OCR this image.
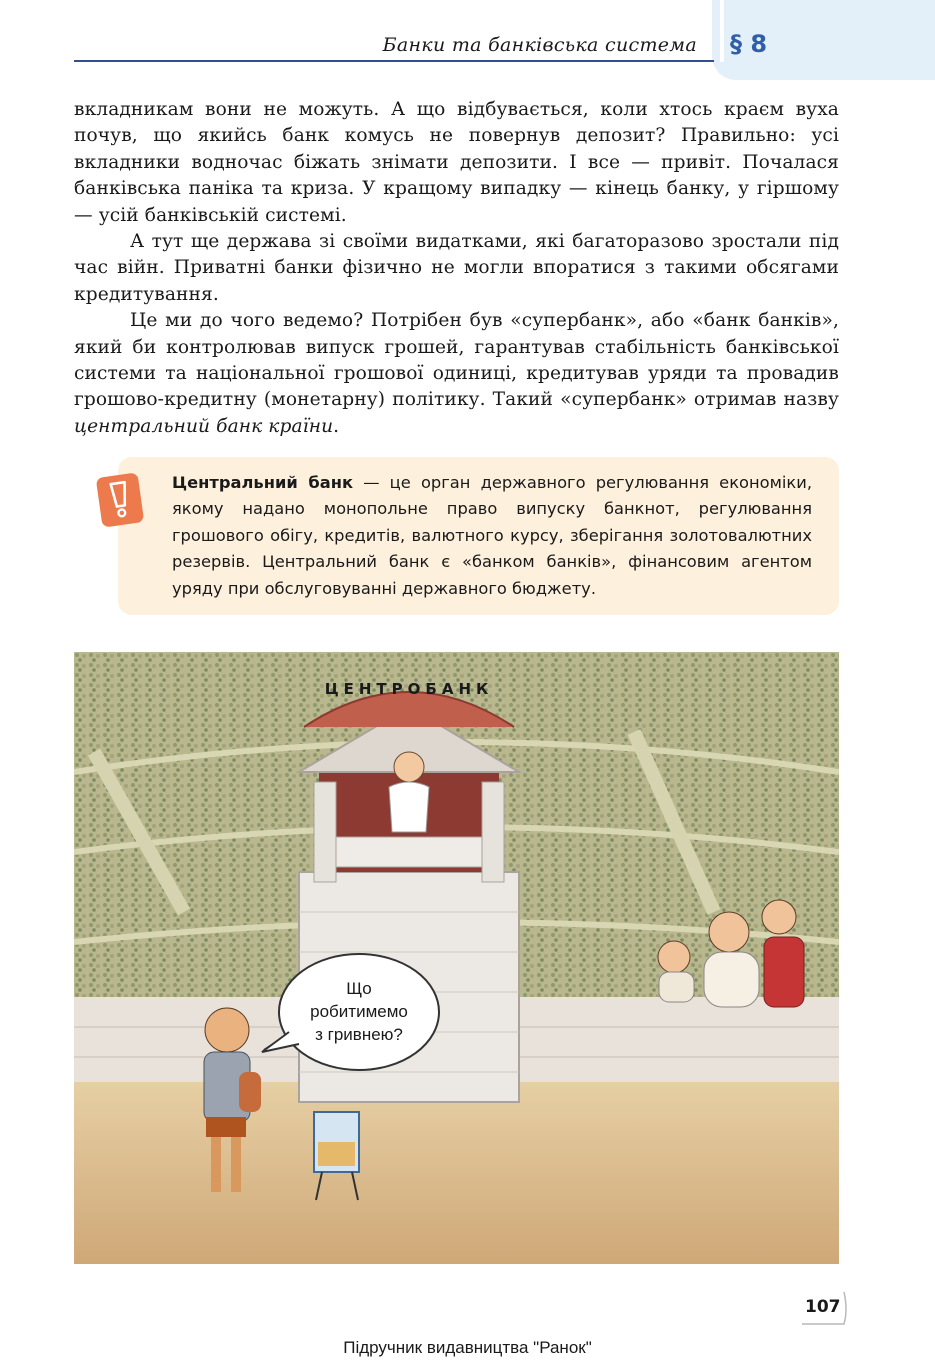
Банки та банківська система § 8

вкладникам вони не можуть. А що відбувається, коли хтось краєм вуха почув, що якийсь банк комусь не повернув депозит? Правильно: усі вкладники водночас біжать знімати депозити. І все — привіт. Почалася банківська паніка та криза. У кращому випадку — кінець банку, у гіршому — усій банківській системі.

А тут ще держава зі своїми видатками, які багаторазово зростали під час війн. Приватні банки фізично не могли впоратися з такими обсягами кредитування.

Це ми до чого ведемо? Потрібен був «супербанк», або «банк банків», який би контролював випуск грошей, гарантував стабільність банківської системи та національної грошової одиниці, кредитував уряди та провадив грошово-кредитну (монетарну) політику. Такий «супербанк» отримав назву центральний банк країни.

Центральний банк — це орган державного регулювання економіки, якому надано монопольне право випуску банкнот, регулювання грошового обігу, кредитів, валютного курсу, зберігання золотовалютних резервів. Центральний банк є «банком банків», фінансовим агентом уряду при обслуговуванні державного бюджету.
ЦЕНТРОБАНК
Що
робитимемо
з гривнею?
107
Підручник видавництва "Ранок"
